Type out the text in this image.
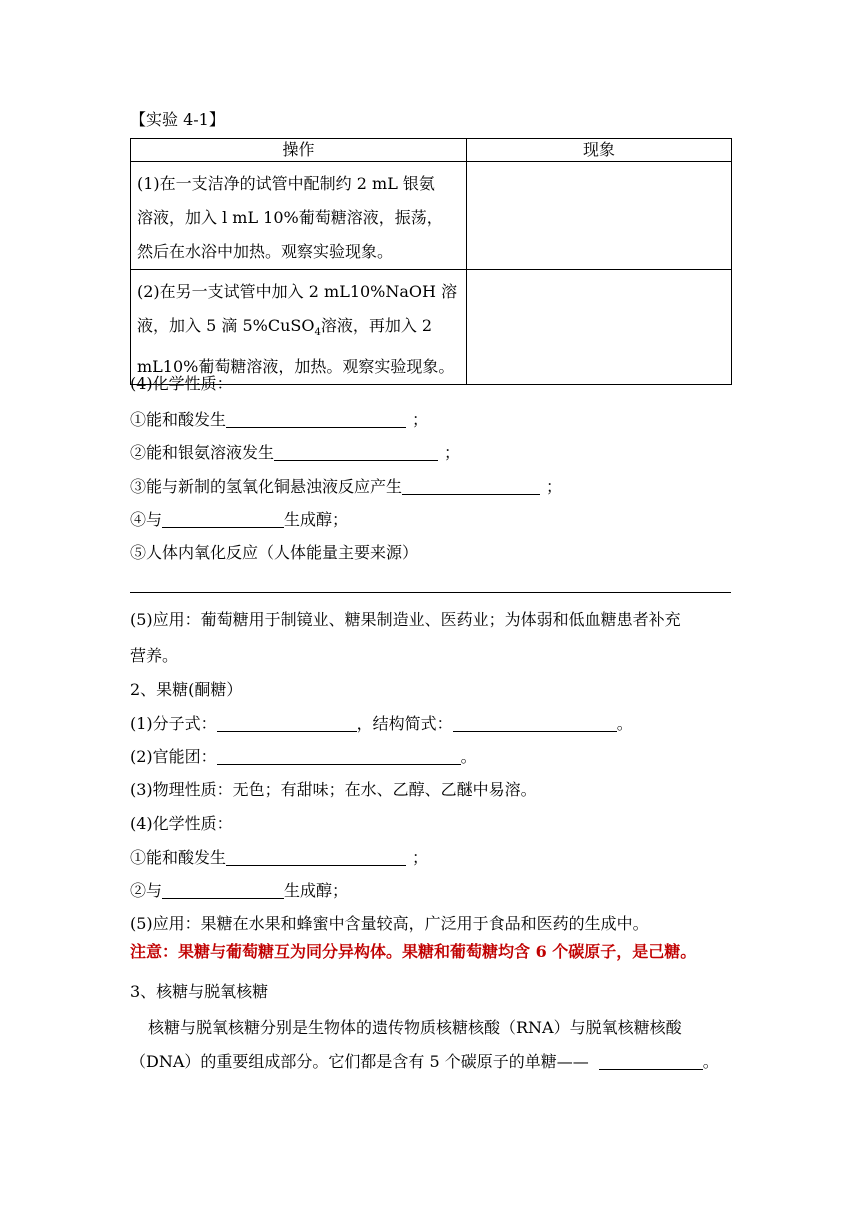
【实验 4-1】
操作	现象

(1)在一支洁净的试管中配制约 2 mL 银氨
溶液，加入 l mL 10%葡萄糖溶液，振荡，
然后在水浴中加热。观察实验现象。	

(2)在另一支试管中加入 2 mL10%NaOH 溶
液，加入 5 滴 5%CuSO$_4$溶液，再加入 2
mL10%葡萄糖溶液，加热。观察实验现象。	

(4)化学性质：
①能和酸发生	；
②能和银氨溶液发生	；
③能与新制的氢氧化铜悬浊液反应产生	；
④与	生成醇；
⑤人体内氧化反应（人体能量主要来源）
(5)应用：葡萄糖用于制镜业、糖果制造业、医药业；为体弱和低血糖患者补充
营养。
2、果糖(酮糖）
(1)分子式：	，结构简式：	。
(2)官能团：	。
(3)物理性质：无色；有甜味；在水、乙醇、乙醚中易溶。
(4)化学性质：
①能和酸发生	；
②与	生成醇；
(5)应用：果糖在水果和蜂蜜中含量较高，广泛用于食品和医药的生成中。
注意：果糖与葡萄糖互为同分异构体。果糖和葡萄糖均含 6 个碳原子，是己糖。
3、核糖与脱氧核糖
核糖与脱氧核糖分别是生物体的遗传物质核糖核酸（RNA）与脱氧核糖核酸
（DNA）的重要组成部分。它们都是含有 5 个碳原子的单糖——	。
